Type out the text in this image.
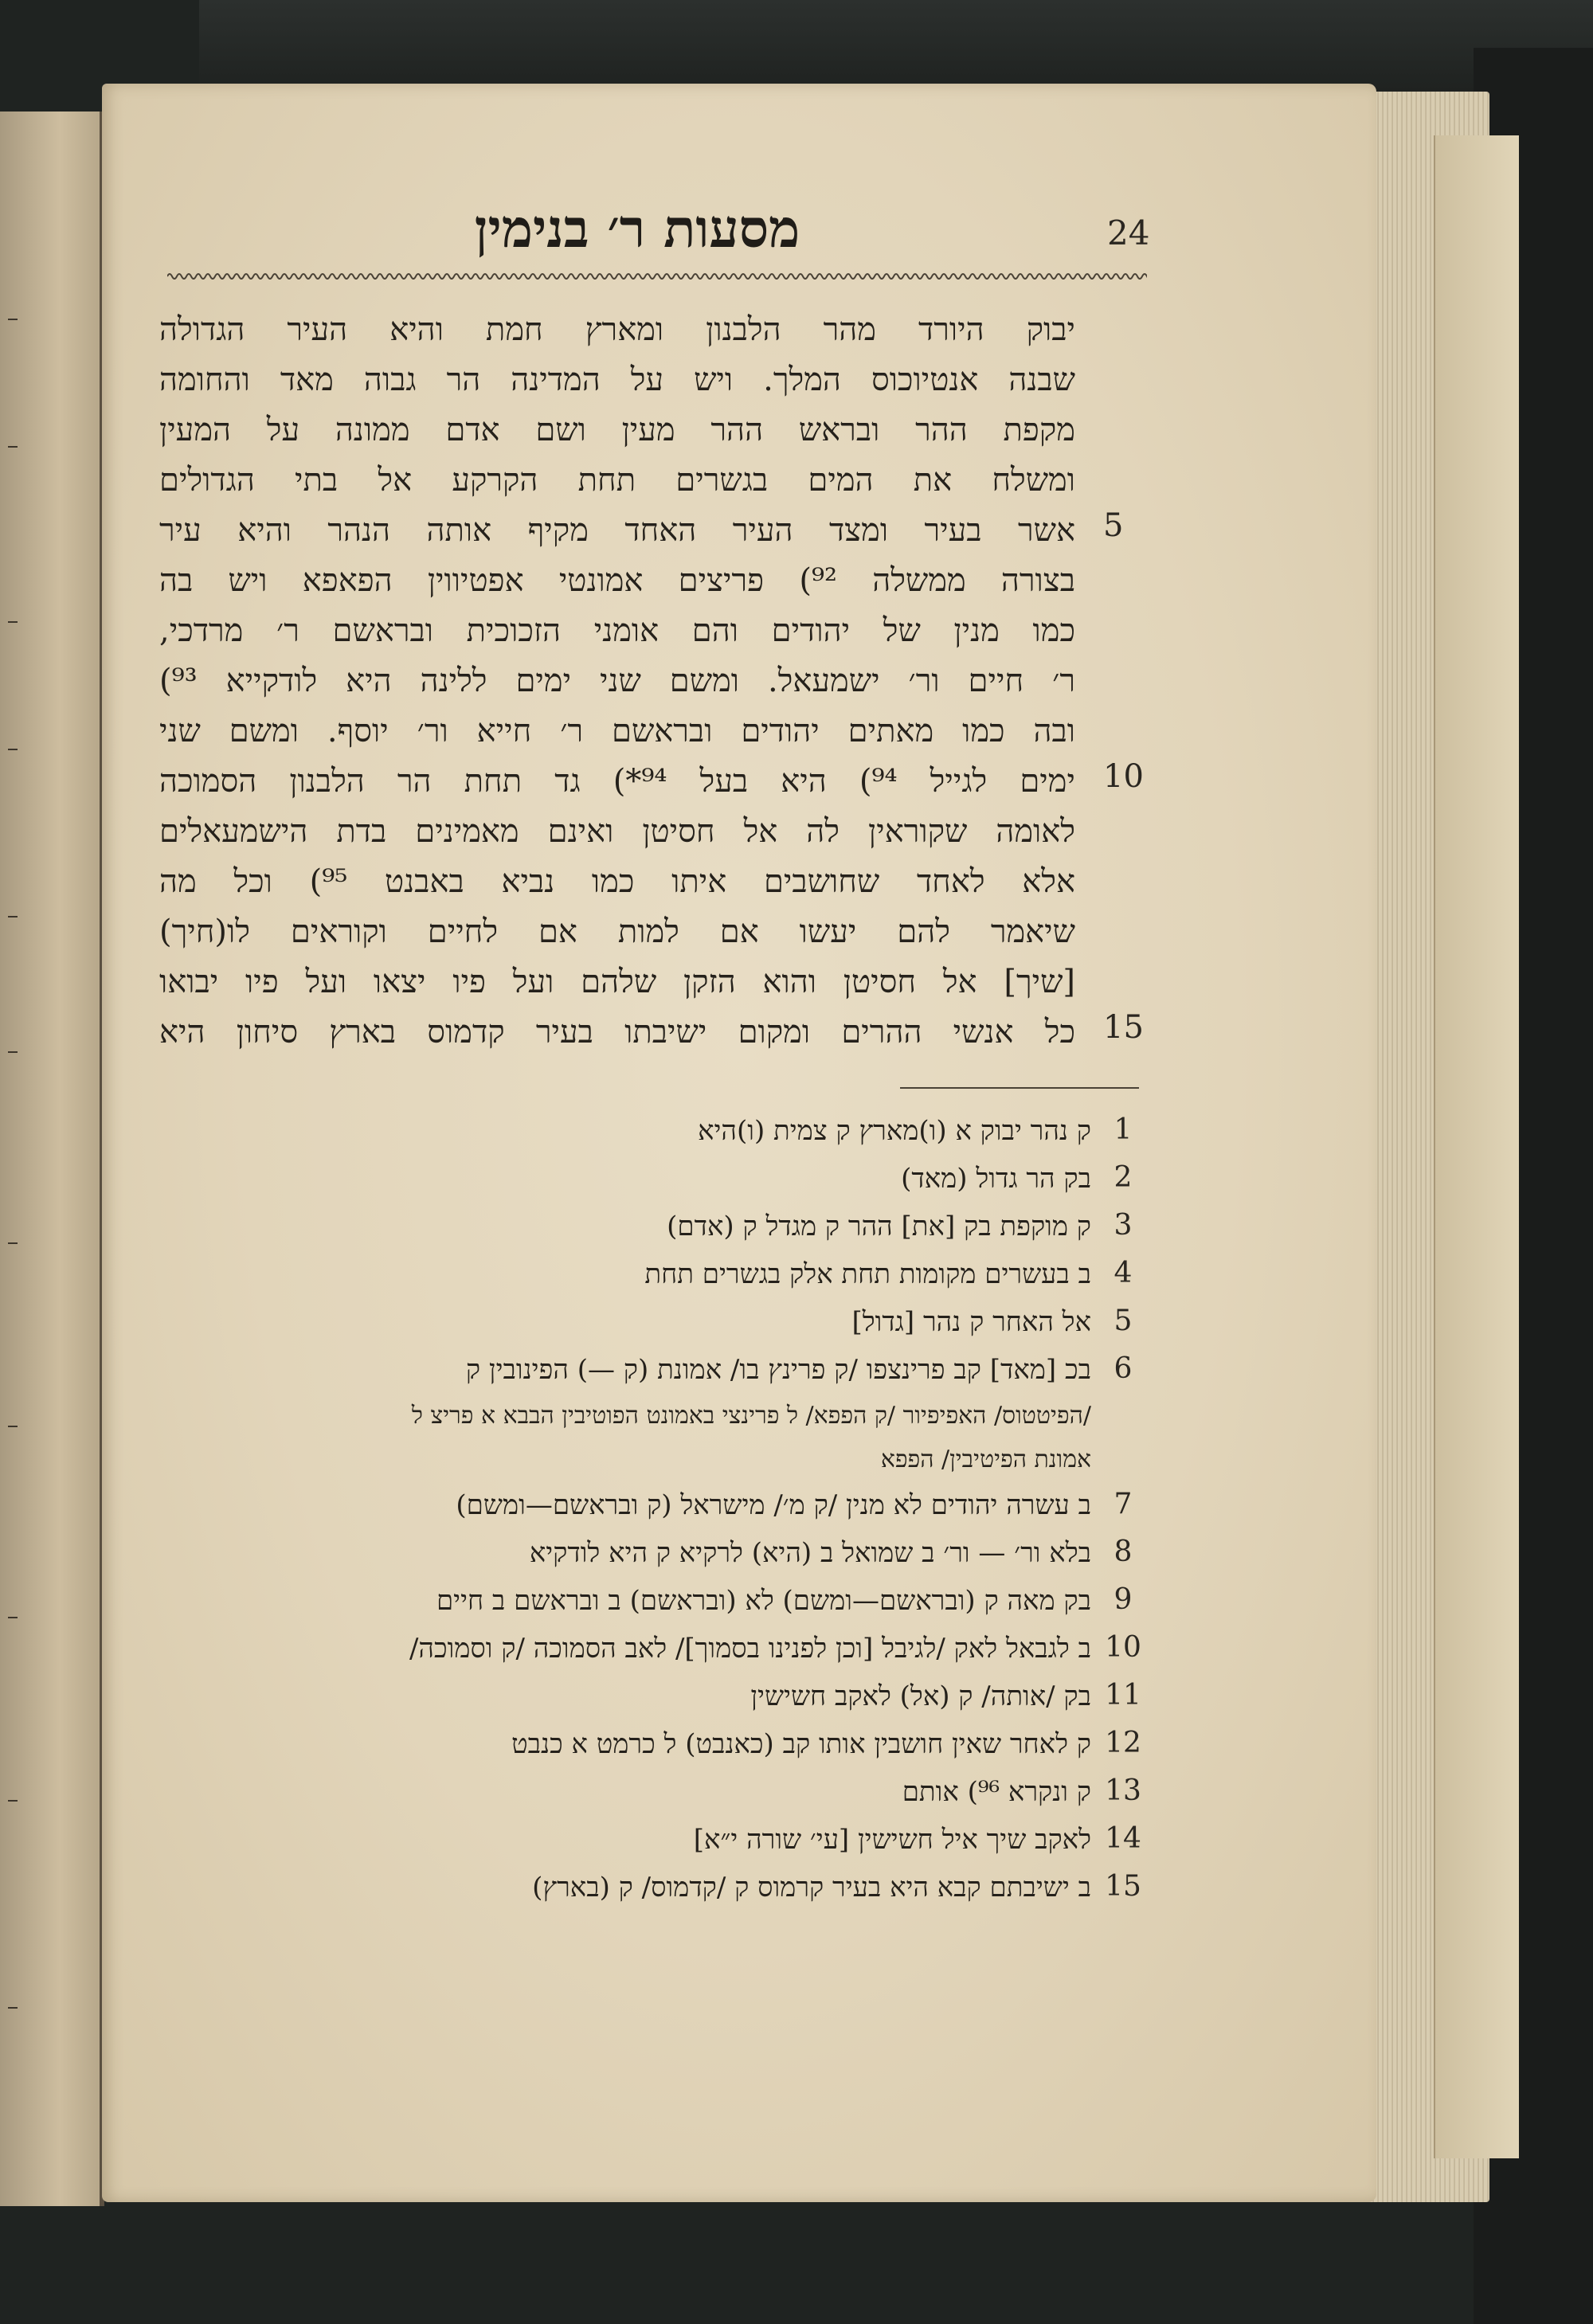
24
מסעות ר׳ בנימין
יבוק היורד מהר הלבנון ומארץ חמת והיא העיר הגדולה
שבנה אנטיוכוס המלך. ויש על המדינה הר גבוה מאד והחומה
מקפת ההר ובראש ההר מעין ושם אדם ממונה על המעין
ומשלח את המים בגשרים תחת הקרקע אל בתי הגדולים
אשר בעיר ומצד העיר האחד מקיף אותה הנהר והיא עיר
בצורה ממשלה ⁹²) פריצים אמונטי אפטיווין הפאפא ויש בה
כמו מנין של יהודים והם אומני הזכוכית ובראשם ר׳ מרדכי,
ר׳ חיים ור׳ ישמעאל. ומשם שני ימים ללינה היא לודקייא ⁹³)
ובה כמו מאתים יהודים ובראשם ר׳ חייא ור׳ יוסף. ומשם שני
ימים לגייל ⁹⁴) היא בעל ⁹⁴*) גד תחת הר הלבנון הסמוכה
לאומה שקוראין לה אל חסיטן ואינם מאמינים בדת הישמעאלים
אלא לאחד שחושבים איתו כמו נביא באבנט ⁹⁵) וכל מה
שיאמר להם יעשו אם למות אם לחיים וקוראים לו(חיך)
[שיך] אל חסיטן והוא הזקן שלהם ועל פיו יצאו ועל פיו יבואו
כל אנשי ההרים ומקום ישיבתו בעיר קדמוס בארץ סיחון היא
5
10
15
ק נהר יבוק א (ו)מארץ ק צמית (ו)היא
בק הר גדול (מאד)
ק מוקפת בק [את] ההר ק מגדל ק (אדם)
ב בעשרים מקומות תחת אלק בגשרים תחת
אל האחר ק נהר [גדול]
בכ [מאד] קב פרינצפו /ק פרינץ בו/ אמונת (ק —) הפינובין ק
/הפיטטוס/ האפיפיור /ק הפפא/ ל פרינצי באמונט הפוטיבין הבבא א פריצ ל
אמונת הפיטיבין/ הפפא
ב עשרה יהודים לא מנין /ק מ׳/ מישראל (ק ובראשם—ומשם)
בלא ור׳ — ור׳ ב שמואל ב (היא) לרקיא ק היא לודקיא
בק מאה ק (ובראשם—ומשם) לא (ובראשם) ב ובראשם ב חיים
ב לגבאל לאק /לגיבל [וכן לפנינו בסמוך]/ לאב הסמוכה /ק וסמוכה/
בק /אותה/ ק (אל) לאקב חשישין
ק לאחר שאין חושבין אותו קב (כאנבט) ל כרמט א כנבט
ק ונקרא ⁹⁶) אותם
לאקב שיך איל חשישין [עי׳ שורה י״א]
ב ישיבתם קבא היא בעיר קרמוס ק /קדמוס/ ק (בארץ)
1
2
3
4
5
6
7
8
9
10
11
12
13
14
15
